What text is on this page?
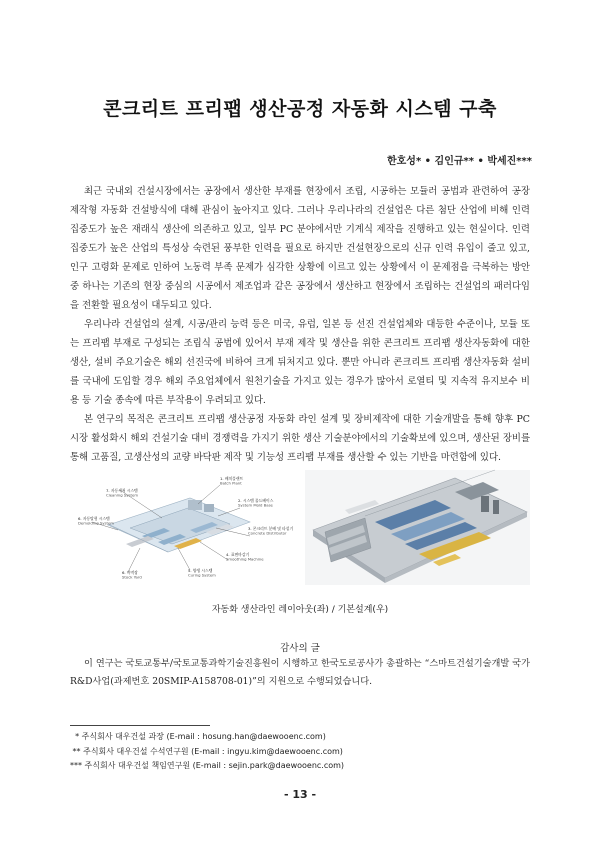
콘크리트 프리팹 생산공정 자동화 시스템 구축
한호성* • 김인규** • 박세진***

최근 국내외 건설시장에서는 공장에서 생산한 부재를 현장에서 조립, 시공하는 모듈러 공법과 관련하여 공장제작형 자동화 건설방식에 대해 관심이 높아지고 있다. 그러나 우리나라의 건설업은 다른 첨단 산업에 비해 인력 집중도가 높은 재래식 생산에 의존하고 있고, 일부 PC 분야에서만 기계식 제작을 진행하고 있는 현실이다. 인력 집중도가 높은 산업의 특성상 숙련된 풍부한 인력을 필요로 하지만 건설현장으로의 신규 인력 유입이 줄고 있고, 인구 고령화 문제로 인하여 노동력 부족 문제가 심각한 상황에 이르고 있는 상황에서 이 문제점을 극복하는 방안 중 하나는 기존의 현장 중심의 시공에서 제조업과 같은 공장에서 생산하고 현장에서 조립하는 건설업의 패러다임을 전환할 필요성이 대두되고 있다.

우리나라 건설업의 설계, 시공/관리 능력 등은 미국, 유럽, 일본 등 선진 건설업체와 대등한 수준이나, 모듈 또는 프리팹 부재로 구성되는 조립식 공법에 있어서 부재 제작 및 생산을 위한 콘크리트 프리팹 생산자동화에 대한 생산, 설비 주요기술은 해외 선진국에 비하여 크게 뒤처지고 있다. 뿐만 아니라 콘크리트 프리팹 생산자동화 설비를 국내에 도입할 경우 해외 주요업체에서 원천기술을 가지고 있는 경우가 많아서 로열티 및 지속적 유지보수 비용 등 기술 종속에 따른 부작용이 우려되고 있다.

본 연구의 목적은 콘크리트 프리팹 생산공정 자동화 라인 설계 및 장비제작에 대한 기술개발을 통해 향후 PC 시장 활성화시 해외 건설기술 대비 경쟁력을 가지기 위한 생산 기술분야에서의 기술확보에 있으며, 생산된 장비를 통해 고품질, 고생산성의 교량 바닥판 제작 및 기능성 프리팹 부재를 생산할 수 있는 기반을 마련함에 있다.

1. 배치플랜트
Batch Plant
2. 시스템 몰드베이스
System Mold Base
3. 콘크리트 분배 및 타설기
Concrete Distributor
4. 표면마감기
Smoothing Machine
5. 양생 시스템
Curing System
6. 야적장
Stock Yard
6. 자동탈형 시스템
Demolding System
7. 자동세척 시스템
Cleaning System
자동화 생산라인 레이아웃(좌) / 기본설계(우)
감사의 글

이 연구는 국토교통부/국토교통과학기술진흥원이 시행하고 한국도로공사가 총괄하는 “스마트건설기술개발 국가R&D사업(과제번호 20SMIP-A158708-01)”의 지원으로 수행되었습니다.

* 주식회사 대우건설 과장 (E-mail : hosung.han@daewooenc.com)
** 주식회사 대우건설 수석연구원 (E-mail : ingyu.kim@daewooenc.com)
*** 주식회사 대우건설 책임연구원 (E-mail : sejin.park@daewooenc.com)
- 13 -
